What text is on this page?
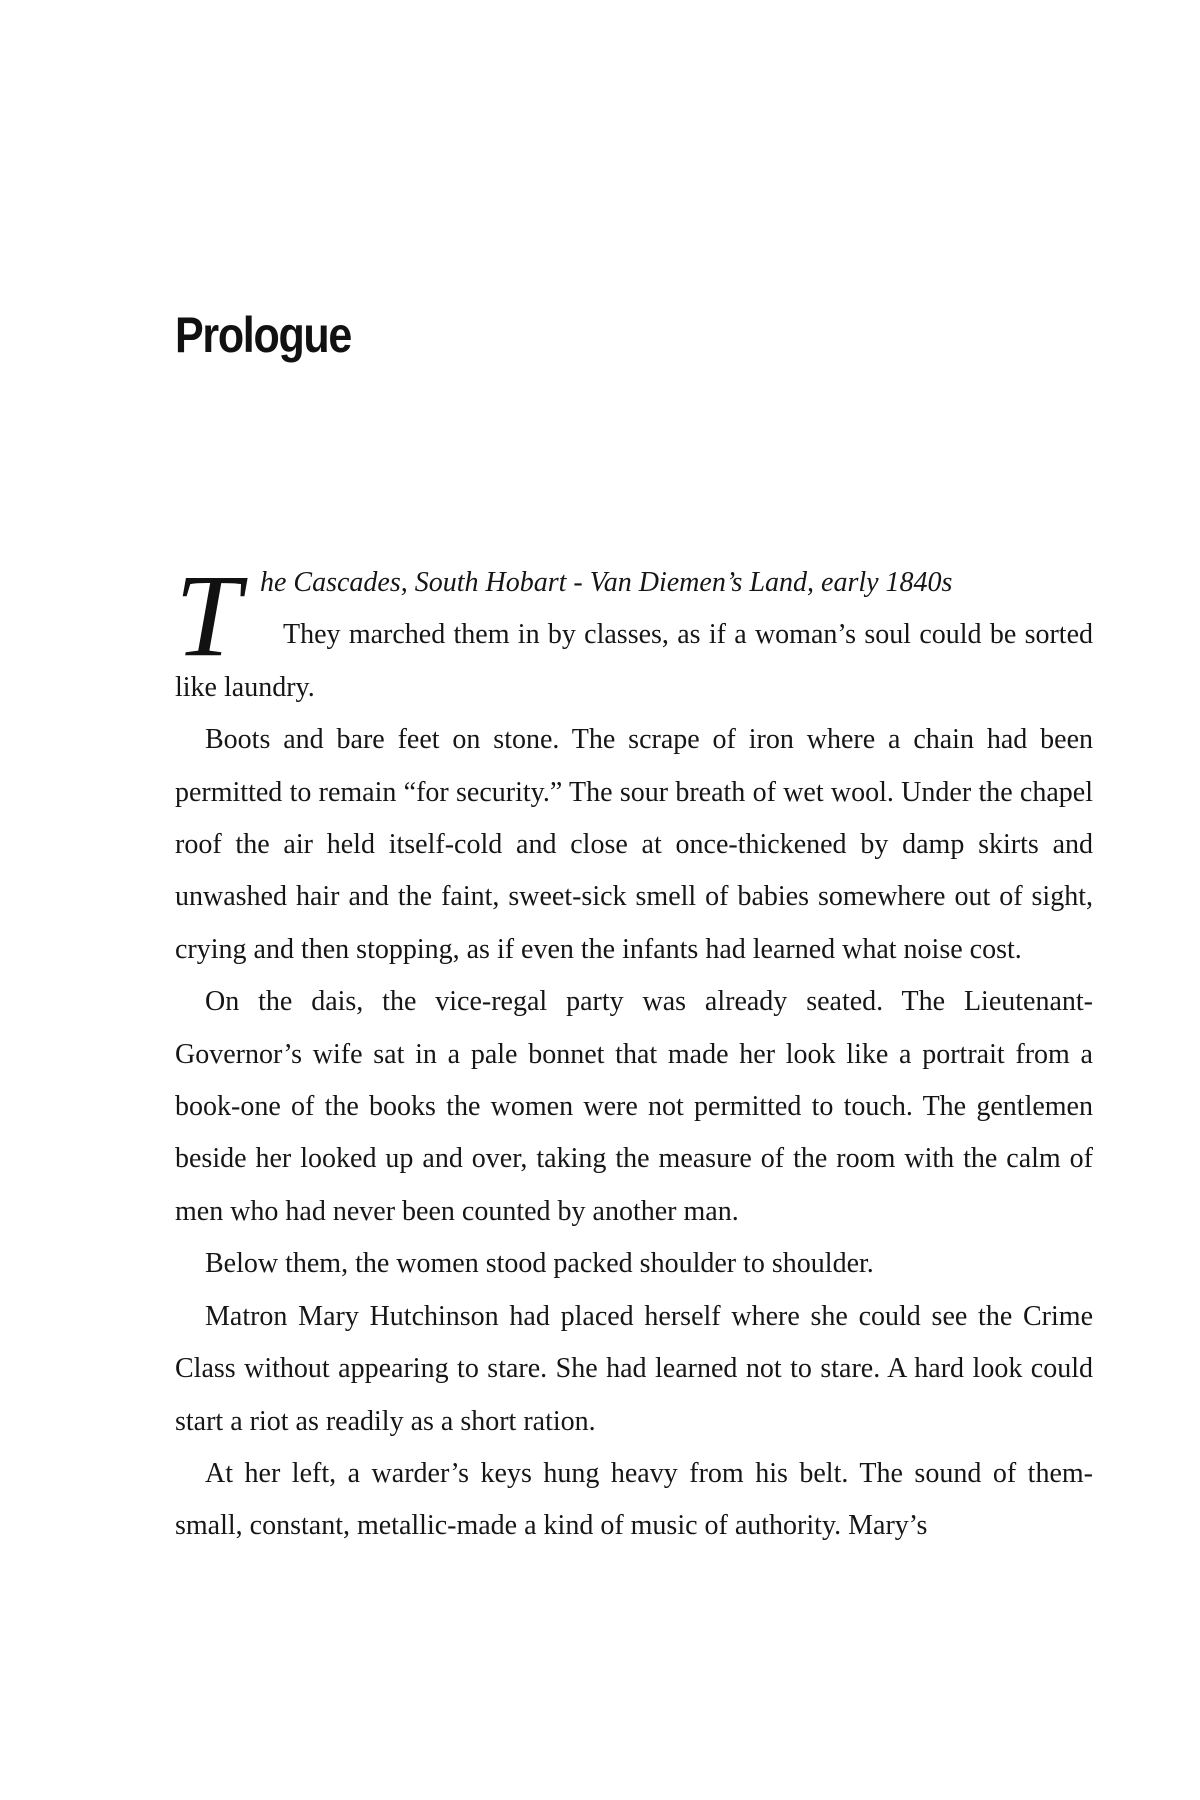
Prologue
T he Cascades, South Hobart - Van Diemen’s Land, early 1840s

They marched them in by classes, as if a woman’s soul could be sorted like laundry.

Boots and bare feet on stone. The scrape of iron where a chain had been permitted to remain “for security.” The sour breath of wet wool. Under the chapel roof the air held itself-cold and close at once-thickened by damp skirts and unwashed hair and the faint, sweet-sick smell of babies somewhere out of sight, crying and then stopping, as if even the infants had learned what noise cost.

On the dais, the vice-regal party was already seated. The Lieutenant-Governor’s wife sat in a pale bonnet that made her look like a portrait from a book-one of the books the women were not permitted to touch. The gentlemen beside her looked up and over, taking the measure of the room with the calm of men who had never been counted by another man.

Below them, the women stood packed shoulder to shoulder.

Matron Mary Hutchinson had placed herself where she could see the Crime Class without appearing to stare. She had learned not to stare. A hard look could start a riot as readily as a short ration.

At her left, a warder’s keys hung heavy from his belt. The sound of them-small, constant, metallic-made a kind of music of authority. Mary’s
